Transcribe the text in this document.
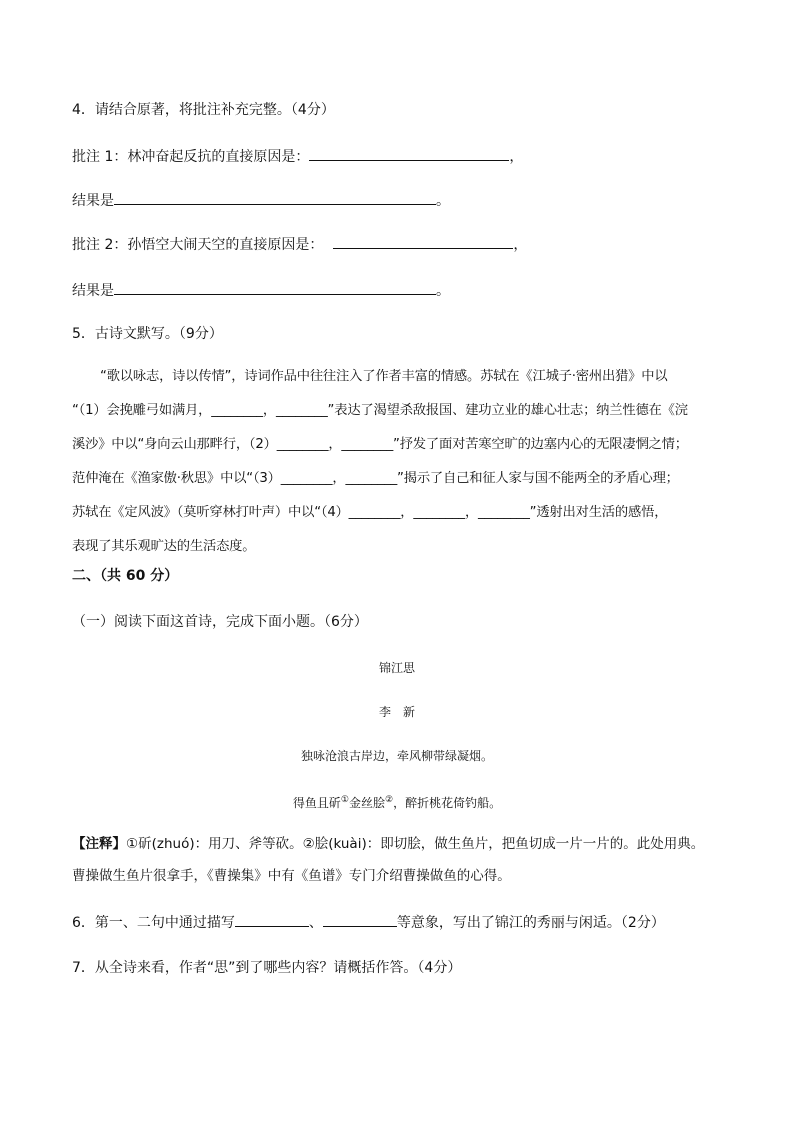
4．请结合原著，将批注补充完整。（4分）
批注 1：林冲奋起反抗的直接原因是：	，
结果是	。
批注 2：孙悟空大闹天空的直接原因是：	，
结果是	。
5．古诗文默写。（9分）

“歌以咏志，诗以传情”，诗词作品中往往注入了作者丰富的情感。苏轼在《江城子·密州出猎》中以

“（1）会挽雕弓如满月，________，________”表达了渴望杀敌报国、建功立业的雄心壮志；纳兰性德在《浣

溪沙》中以“身向云山那畔行，（2）________，________”抒发了面对苦寒空旷的边塞内心的无限凄惘之情；

范仲淹在《渔家傲·秋思》中以“（3）________，________”揭示了自己和征人家与国不能两全的矛盾心理；

苏轼在《定风波》（莫听穿林打叶声）中以“（4）________，________，________”透射出对生活的感悟，

表现了其乐观旷达的生活态度。

二、（共 60 分）
（一）阅读下面这首诗，完成下面小题。（6分）
锦江思
李　新
独咏沧浪古岸边，牵风柳带绿凝烟。
得鱼且斫①金丝脍②，醉折桃花倚钓船。
【注释】①斫(zhuó)：用刀、斧等砍。②脍(kuài)：即切脍，做生鱼片，把鱼切成一片一片的。此处用典。
曹操做生鱼片很拿手，《曹操集》中有《鱼谱》专门介绍曹操做鱼的心得。
6．第一、二句中通过描写	、	等意象，写出了锦江的秀丽与闲适。（2分）
7．从全诗来看，作者“思”到了哪些内容？请概括作答。（4分）
